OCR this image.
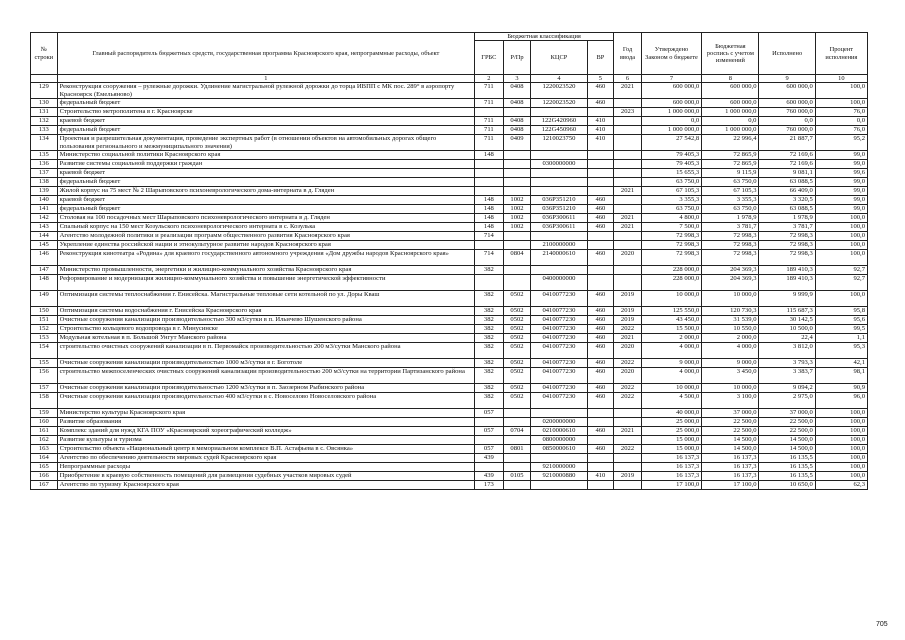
№ строки	Главный распорядитель бюджетных средств, государственная программа Красноярского края, непрограммные расходы, объект	Бюджетная классификация				Год ввода	Утверждено Законом о бюджете	Бюджетная роспись с учетом изменений	Исполнено	Процент исполнения
		ГРБС	Р/Пр	КЦСР	ВР					
	1	2	3	4	5	6	7	8	9	10
129	Реконструкция сооружения – рулежные дорожки. Удлинение магистральной рулежной дорожки до торца ИВПП с МК пос. 289° в аэропорту Красноярск (Емельяново)	711	0408	1220023520	460	2021	600 000,0	600 000,0	600 000,0	100,0
130	федеральный бюджет	711	0408	1220023520	460		600 000,0	600 000,0	600 000,0	100,0
131	Строительство метрополитена в г. Красноярске					2023	1 000 000,0	1 000 000,0	760 000,0	76,0
132	краевой бюджет	711	0408	122G420960	410		0,0	0,0	0,0	0,0
133	федеральный бюджет	711	0408	122G450960	410		1 000 000,0	1 000 000,0	760 000,0	76,0
134	Проектная и разрешительная документация, проведение экспертных работ (в отношении объектов на автомобильных дорогах общего пользования регионального и межмуниципального значения)	711	0409	1210023750	410		27 542,8	22 996,4	21 887,7	95,2
135	Министерство социальной политики Красноярского края	148					79 405,3	72 865,9	72 169,6	99,0
136	Развитие системы социальной поддержки граждан			0300000000			79 405,3	72 865,9	72 169,6	99,0
137	краевой бюджет						15 655,3	9 115,9	9 081,1	99,6
138	федеральный бюджет						63 750,0	63 750,0	63 088,5	99,0
139	Жилой корпус на 75 мест № 2 Шарыповского психоневрологического дома-интерната в д. Гляден					2021	67 105,3	67 105,3	66 409,0	99,0
140	краевой бюджет	148	1002	036P351210	460		3 355,3	3 355,3	3 320,5	99,0
141	федеральный бюджет	148	1002	036P351210	460		63 750,0	63 750,0	63 088,5	99,0
142	Столовая на 100 посадочных мест Шарыповского психоневрологического интерната в д. Гляден	148	1002	036P300611	460	2021	4 800,0	1 978,9	1 978,9	100,0
143	Спальный корпус на 150 мест Козульского психоневрологического интерната в с. Козулька	148	1002	036P300611	460	2021	7 500,0	3 781,7	3 781,7	100,0
144	Агентство молодежной политики и реализации программ общественного развития Красноярского края	714					72 998,3	72 998,3	72 998,3	100,0
145	Укрепление единства российской нации и этнокультурное развитие народов Красноярского края			2100000000			72 998,3	72 998,3	72 998,3	100,0
146	Реконструкция кинотеатра «Родина» для краевого государственного автономного учреждения «Дом дружбы народов Красноярского края»	714	0804	2140000610	460	2020	72 998,3	72 998,3	72 998,3	100,0
147	Министерство промышленности, энергетики и жилищно-коммунального хозяйства Красноярского края	382					228 000,0	204 369,3	189 410,3	92,7
148	Реформирование и модернизация жилищно-коммунального хозяйства и повышение энергетической эффективности			0400000000			228 000,0	204 369,3	189 410,3	92,7
149	Оптимизация системы теплоснабжения г. Енисейска. Магистральные тепловые сети котельной по ул. Доры Кваш	382	0502	0410077230	460	2019	10 000,0	10 000,0	9 999,9	100,0
150	Оптимизация системы водоснабжения г. Енисейска Красноярского края	382	0502	0410077230	460	2019	125 550,0	120 730,3	115 687,3	95,8
151	Очистные сооружения канализации производительностью 300 м3/сутки в п. Ильичево Шушенского района	382	0502	0410077230	460	2019	43 450,0	31 539,0	30 142,5	95,6
152	Строительство кольцевого водопровода в г. Минусинске	382	0502	0410077230	460	2022	15 500,0	10 550,0	10 500,0	99,5
153	Модульная котельная в п. Большой Унгут Манского района	382	0502	0410077230	460	2021	2 000,0	2 000,0	22,4	1,1
154	строительство очистных сооружений канализации в п. Первомайск производительностью 200 м3/сутки Манского района	382	0502	0410077230	460	2020	4 000,0	4 000,0	3 812,0	95,3
155	Очистные сооружения канализации производительностью 1000 м3/сутки в г. Боготоле	382	0502	0410077230	460	2022	9 000,0	9 000,0	3 793,3	42,1
156	строительство межпоселенческих очистных сооружений канализации производительностью 200 м3/сутки на территории Партизанского района	382	0502	0410077230	460	2020	4 000,0	3 450,0	3 383,7	98,1
157	Очистные сооружения канализации производительностью 1200 м3/сутки в п. Заозерном Рыбинского района	382	0502	0410077230	460	2022	10 000,0	10 000,0	9 094,2	90,9
158	Очистные сооружения канализации производительностью 400 м3/сутки в с. Новоселово Новоселовского района	382	0502	0410077230	460	2022	4 500,0	3 100,0	2 975,0	96,0
159	Министерство культуры Красноярского края	057					40 000,0	37 000,0	37 000,0	100,0
160	Развитие образования			0200000000			25 000,0	22 500,0	22 500,0	100,0
161	Комплекс зданий для нужд КГА ПОУ «Красноярский хореографический колледж»	057	0704	0210000610	460	2021	25 000,0	22 500,0	22 500,0	100,0
162	Развитие культуры и туризма			0800000000			15 000,0	14 500,0	14 500,0	100,0
163	Строительство объекта «Национальный центр в мемориальном комплексе В.П. Астафьева в с. Овсянка»	057	0801	0850000610	460	2022	15 000,0	14 500,0	14 500,0	100,0
164	Агентство по обеспечению деятельности мировых судей Красноярского края	439					16 137,3	16 137,3	16 135,5	100,0
165	Непрограммные расходы			9210000000			16 137,3	16 137,3	16 135,5	100,0
166	Приобретение в краевую собственность помещений для размещения судебных участков мировых судей	439	0105	9210000880	410	2019	16 137,3	16 137,3	16 135,5	100,0
167	Агентство по туризму Красноярского края	173					17 100,0	17 100,0	10 650,0	62,3
705
